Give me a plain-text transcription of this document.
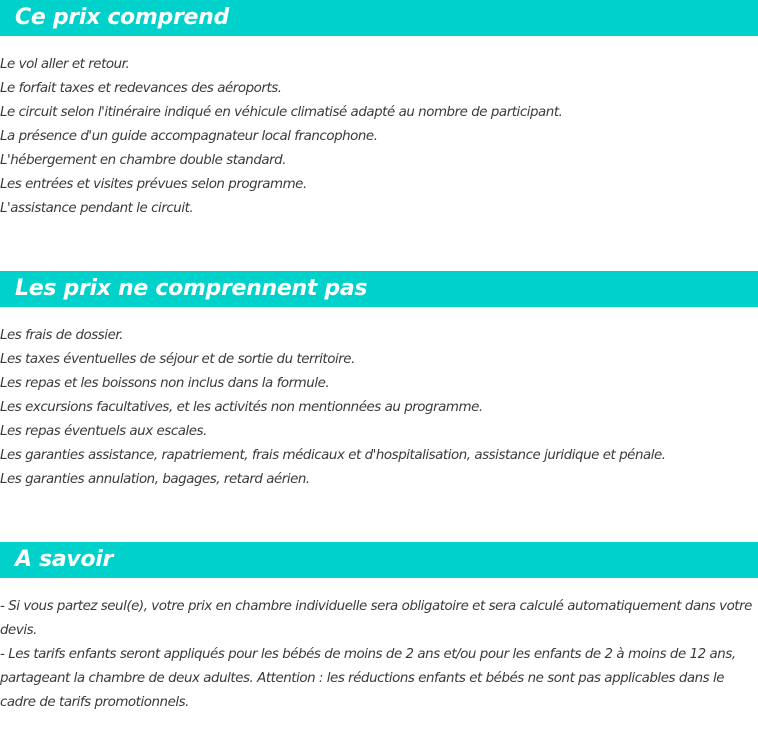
Ce prix comprend
Le vol aller et retour.
Le forfait taxes et redevances des aéroports.
Le circuit selon l'itinéraire indiqué en véhicule climatisé adapté au nombre de participant.
La présence d'un guide accompagnateur local francophone.
L'hébergement en chambre double standard.
Les entrées et visites prévues selon programme.
L'assistance pendant le circuit.
Les prix ne comprennent pas
Les frais de dossier.
Les taxes éventuelles de séjour et de sortie du territoire.
Les repas et les boissons non inclus dans la formule.
Les excursions facultatives, et les activités non mentionnées au programme.
Les repas éventuels aux escales.
Les garanties assistance, rapatriement, frais médicaux et d'hospitalisation, assistance juridique et pénale.
Les garanties annulation, bagages, retard aérien.
A savoir

- Si vous partez seul(e), votre prix en chambre individuelle sera obligatoire et sera calculé automatiquement dans votre devis.

- Les tarifs enfants seront appliqués pour les bébés de moins de 2 ans et/ou pour les enfants de 2 à moins de 12 ans, partageant la chambre de deux adultes. Attention : les réductions enfants et bébés ne sont pas applicables dans le cadre de tarifs promotionnels.
